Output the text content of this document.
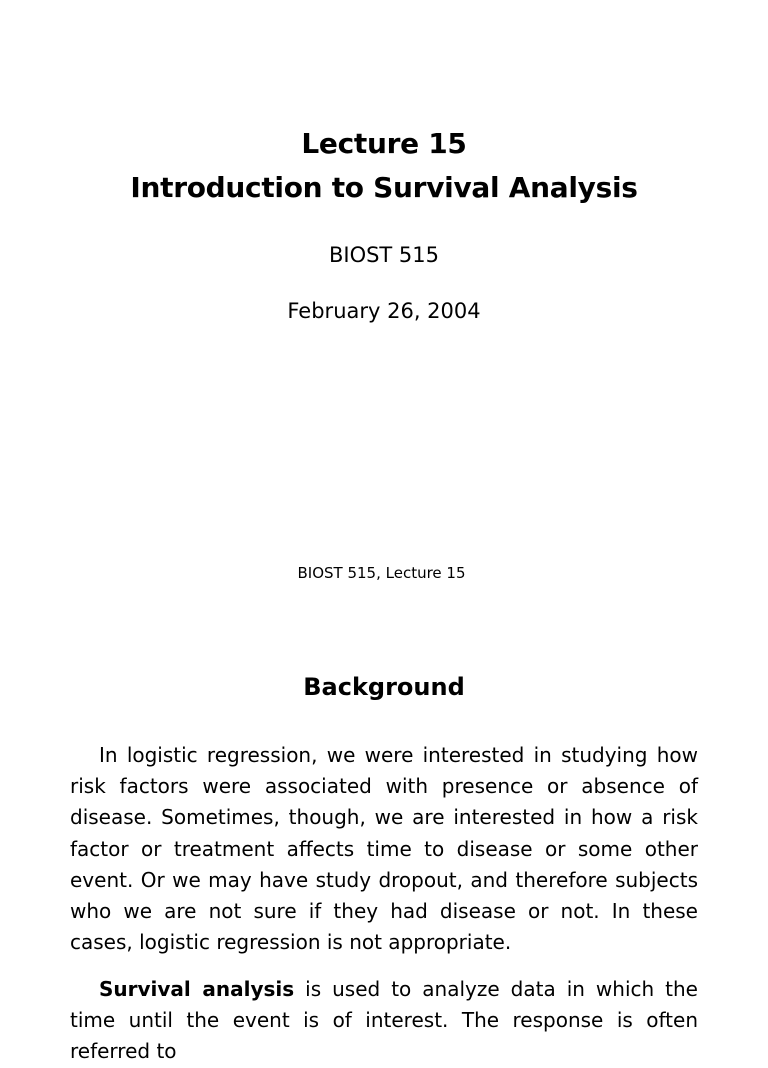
Lecture 15
Introduction to Survival Analysis
BIOST 515
February 26, 2004
BIOST 515, Lecture 15
Background

In logistic regression, we were interested in studying how risk factors were associated with presence or absence of disease. Sometimes, though, we are interested in how a risk factor or treatment affects time to disease or some other event. Or we may have study dropout, and therefore subjects who we are not sure if they had disease or not. In these cases, logistic regression is not appropriate.

Survival analysis is used to analyze data in which the time until the event is of interest. The response is often referred to
